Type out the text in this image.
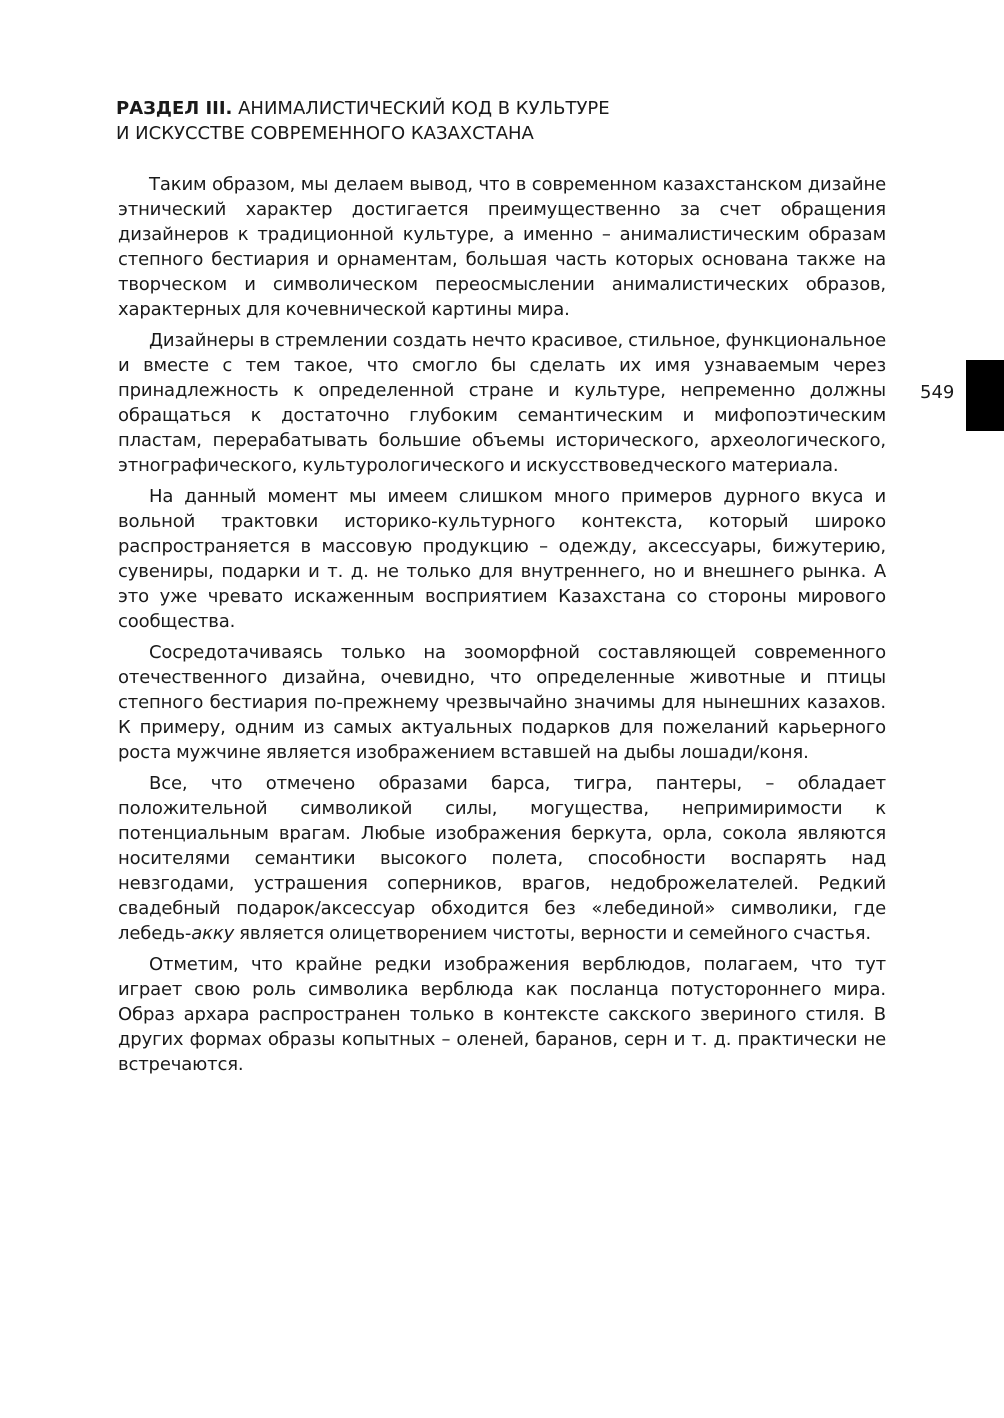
РАЗДЕЛ III. АНИМАЛИСТИЧЕСКИЙ КОД В КУЛЬТУРЕ
И ИСКУССТВЕ СОВРЕМЕННОГО КАЗАХСТАНА

Таким образом, мы делаем вывод, что в современном казахстанском дизайне этнический характер достигается преимущественно за счет обращения дизайнеров к традиционной культуре, а именно – анималистическим образам степного бестиария и орнаментам, большая часть которых основана также на творческом и символическом переосмыслении анималистических образов, характерных для кочевнической картины мира.

Дизайнеры в стремлении создать нечто красивое, стильное, функциональное и вместе с тем такое, что смогло бы сделать их имя узнаваемым через принадлежность к определенной стране и культуре, непременно должны обращаться к достаточно глубоким семантическим и мифопоэтическим пластам, перерабатывать большие объемы исторического, археологического, этнографического, культурологического и искусствоведческого материала.

На данный момент мы имеем слишком много примеров дурного вкуса и вольной трактовки историко-культурного контекста, который широко распространяется в массовую продукцию – одежду, аксессуары, бижутерию, сувениры, подарки и т. д. не только для внутреннего, но и внешнего рынка. А это уже чревато искаженным восприятием Казахстана со стороны мирового сообщества.

Сосредотачиваясь только на зооморфной составляющей современного отечественного дизайна, очевидно, что определенные животные и птицы степного бестиария по-прежнему чрезвычайно значимы для нынешних казахов. К примеру, одним из самых актуальных подарков для пожеланий карьерного роста мужчине является изображением вставшей на дыбы лошади/коня.

Все, что отмечено образами барса, тигра, пантеры, – обладает положительной символикой силы, могущества, непримиримости к потенциальным врагам. Любые изображения беркута, орла, сокола являются носителями семантики высокого полета, способности воспарять над невзгодами, устрашения соперников, врагов, недоброжелателей. Редкий свадебный подарок/аксессуар обходится без «лебединой» символики, где лебедь-акку является олицетворением чистоты, верности и семейного счастья.

Отметим, что крайне редки изображения верблюдов, полагаем, что тут играет свою роль символика верблюда как посланца потустороннего мира. Образ архара распространен только в контексте сакского звериного стиля. В других формах образы копытных – оленей, баранов, серн и т. д. практически не встречаются.

549
